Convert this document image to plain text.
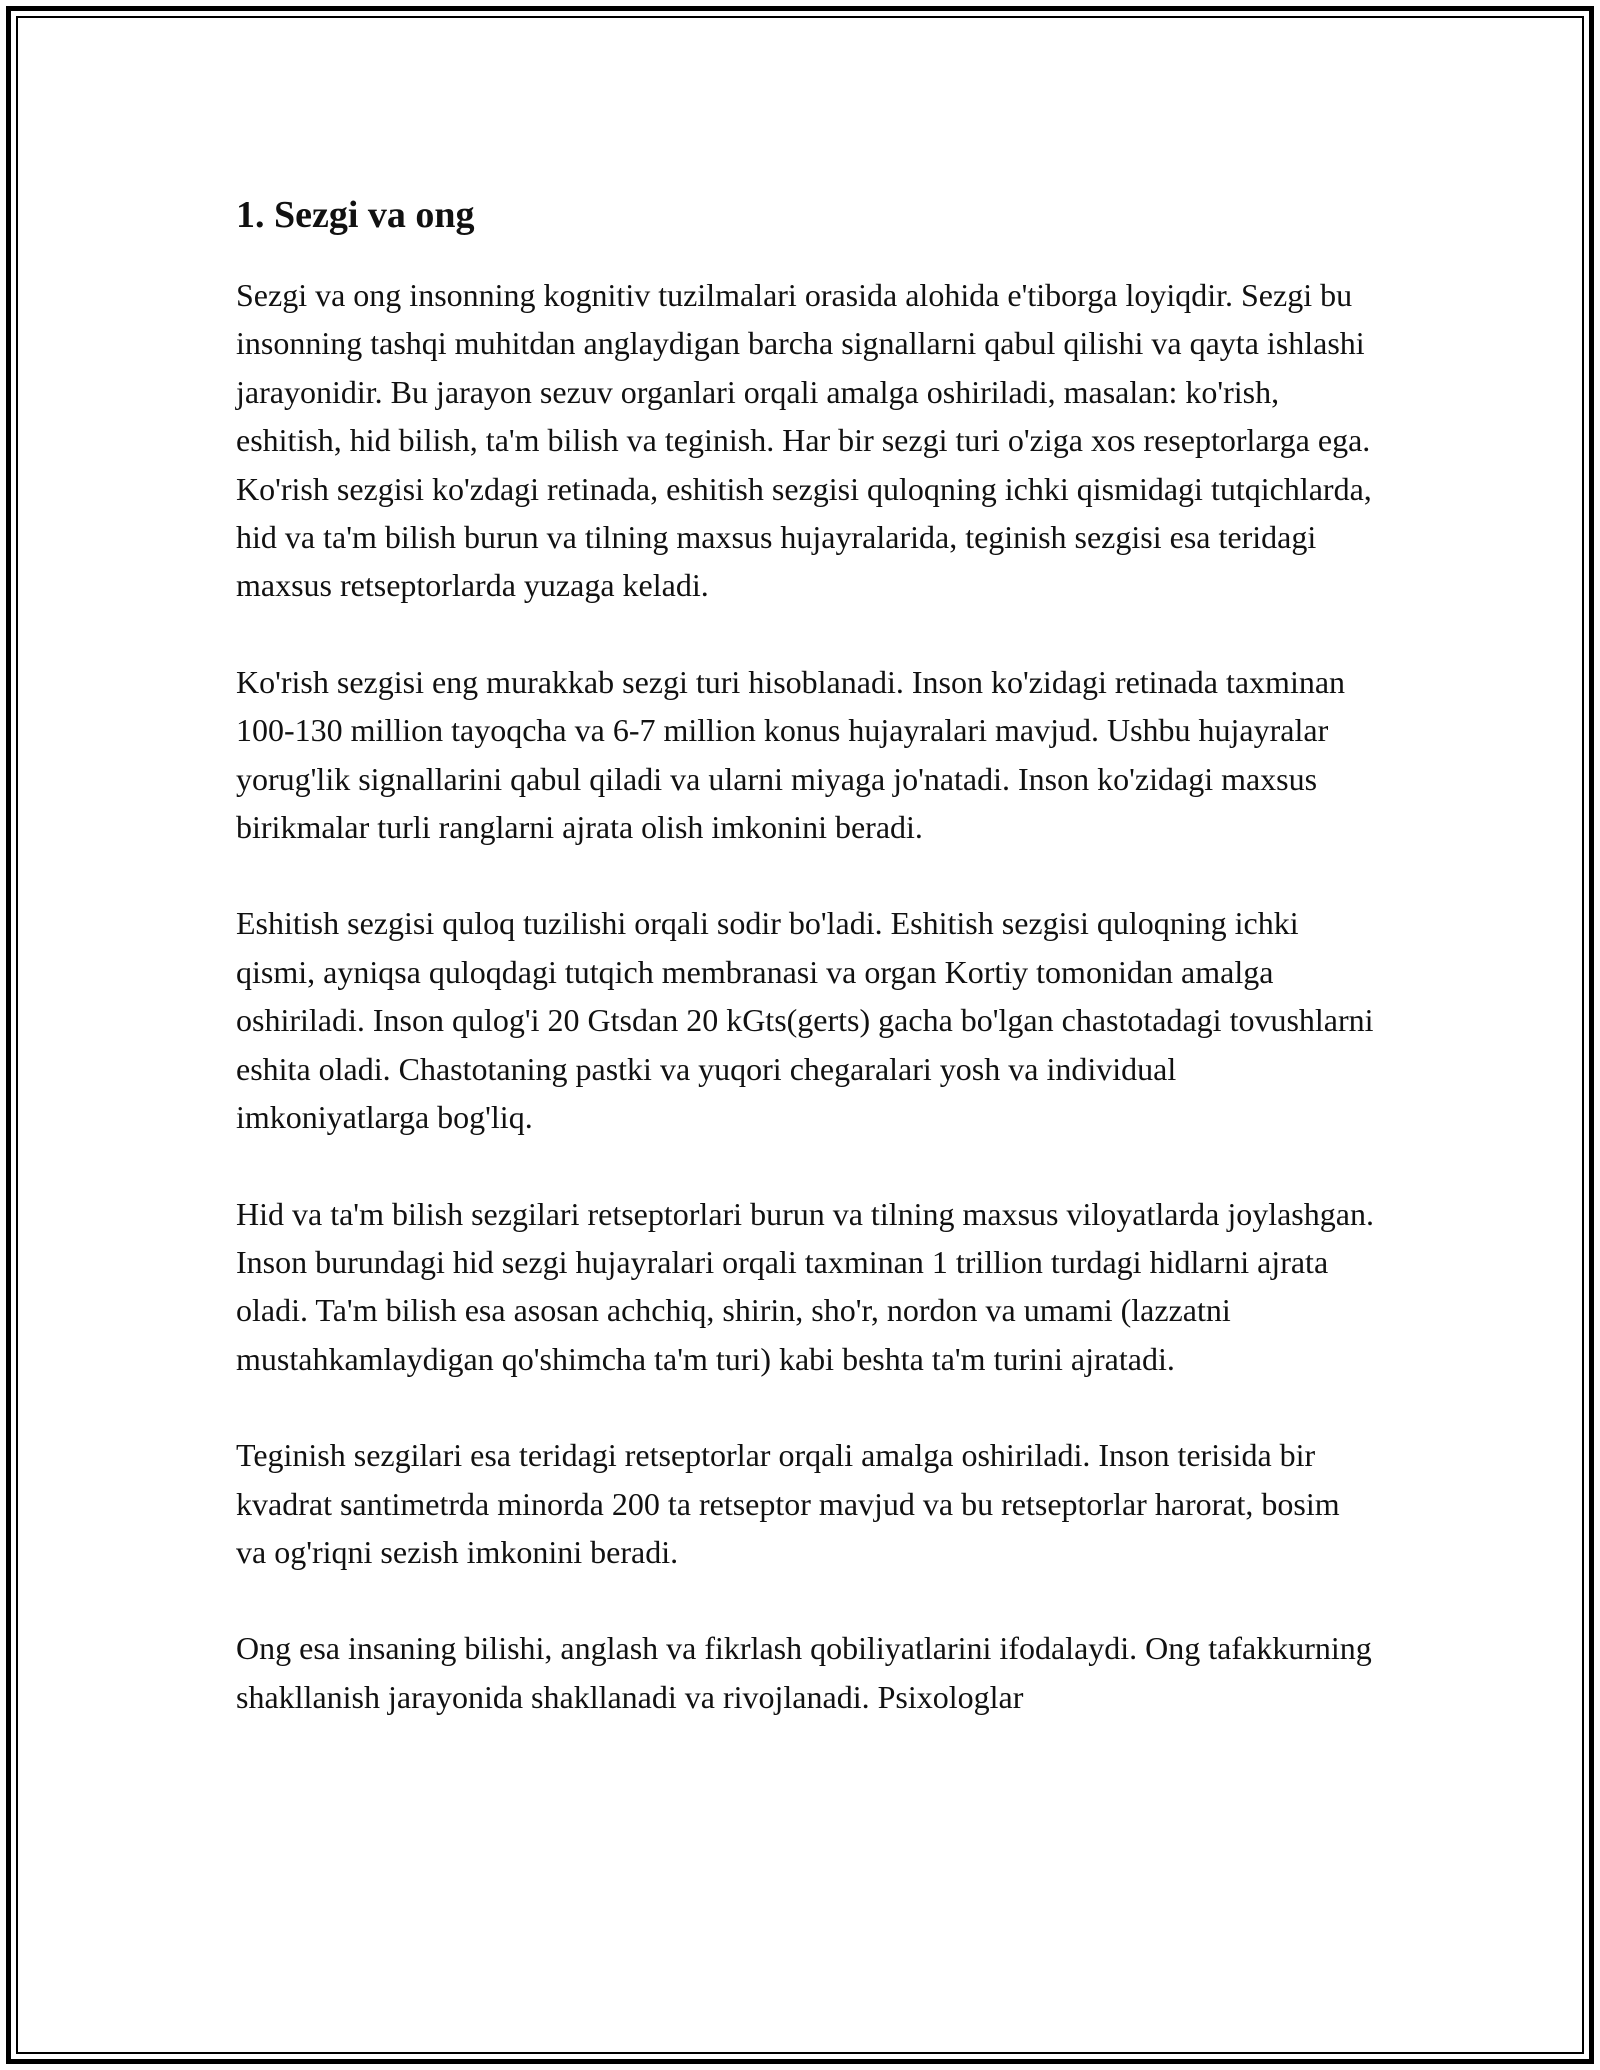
1. Sezgi va ong

Sezgi va ong insonning kognitiv tuzilmalari orasida alohida e'tiborga loyiqdir. Sezgi bu insonning tashqi muhitdan anglaydigan barcha signallarni qabul qilishi va qayta ishlashi jarayonidir. Bu jarayon sezuv organlari orqali amalga oshiriladi, masalan: ko'rish, eshitish, hid bilish, ta'm bilish va teginish. Har bir sezgi turi o'ziga xos reseptorlarga ega. Ko'rish sezgisi ko'zdagi retinada, eshitish sezgisi quloqning ichki qismidagi tutqichlarda, hid va ta'm bilish burun va tilning maxsus hujayralarida, teginish sezgisi esa teridagi maxsus retseptorlarda yuzaga keladi.

Ko'rish sezgisi eng murakkab sezgi turi hisoblanadi. Inson ko'zidagi retinada taxminan 100-130 million tayoqcha va 6-7 million konus hujayralari mavjud. Ushbu hujayralar yorug'lik signallarini qabul qiladi va ularni miyaga jo'natadi. Inson ko'zidagi maxsus birikmalar turli ranglarni ajrata olish imkonini beradi.

Eshitish sezgisi quloq tuzilishi orqali sodir bo'ladi. Eshitish sezgisi quloqning ichki qismi, ayniqsa quloqdagi tutqich membranasi va organ Kortiy tomonidan amalga oshiriladi. Inson qulog'i 20 Gtsdan 20 kGts(gerts) gacha bo'lgan chastotadagi tovushlarni eshita oladi. Chastotaning pastki va yuqori chegaralari yosh va individual imkoniyatlarga bog'liq.

Hid va ta'm bilish sezgilari retseptorlari burun va tilning maxsus viloyatlarda joylashgan. Inson burundagi hid sezgi hujayralari orqali taxminan 1 trillion turdagi hidlarni ajrata oladi. Ta'm bilish esa asosan achchiq, shirin, sho'r, nordon va umami (lazzatni mustahkamlaydigan qo'shimcha ta'm turi) kabi beshta ta'm turini ajratadi.

Teginish sezgilari esa teridagi retseptorlar orqali amalga oshiriladi. Inson terisida bir kvadrat santimetrda minorda 200 ta retseptor mavjud va bu retseptorlar harorat, bosim va og'riqni sezish imkonini beradi.

Ong esa insaning bilishi, anglash va fikrlash qobiliyatlarini ifodalaydi. Ong tafakkurning shakllanish jarayonida shakllanadi va rivojlanadi. Psixologlar
